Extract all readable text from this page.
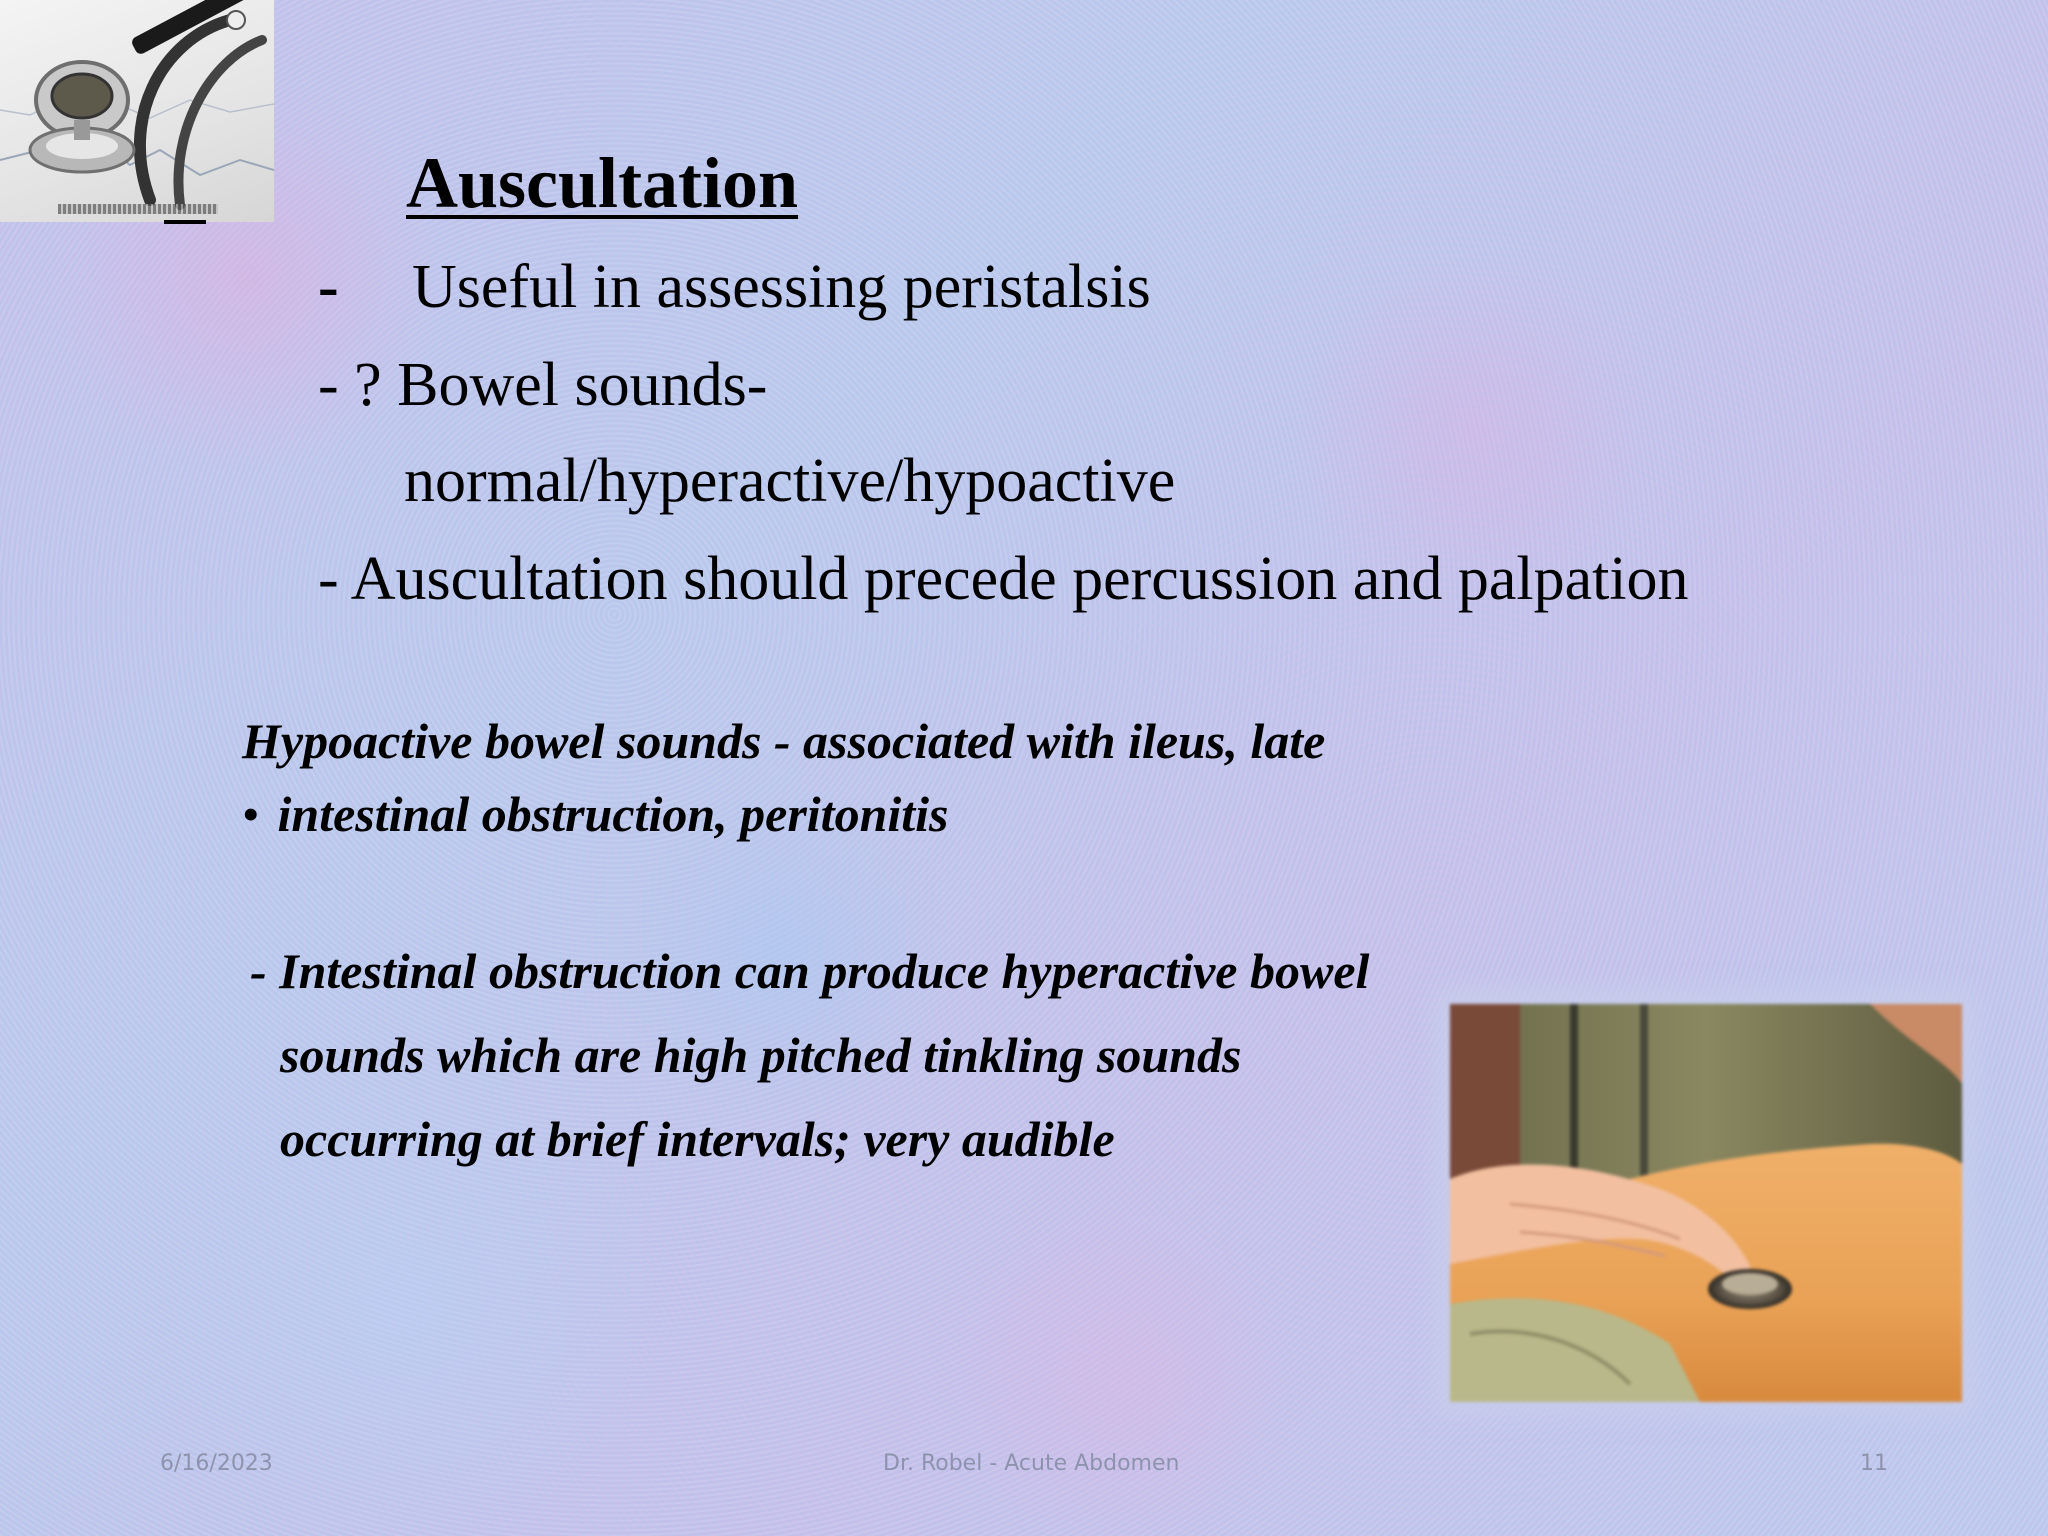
Auscultation
- Useful in assessing peristalsis
- ? Bowel sounds-
normal/hyperactive/hypoactive
- Auscultation should precede percussion and palpation
Hypoactive bowel sounds - associated with ileus, late
• intestinal obstruction, peritonitis
- Intestinal obstruction can produce hyperactive bowel
sounds which are high pitched tinkling sounds
occurring at brief intervals; very audible
6/16/2023	Dr. Robel - Acute Abdomen	11
